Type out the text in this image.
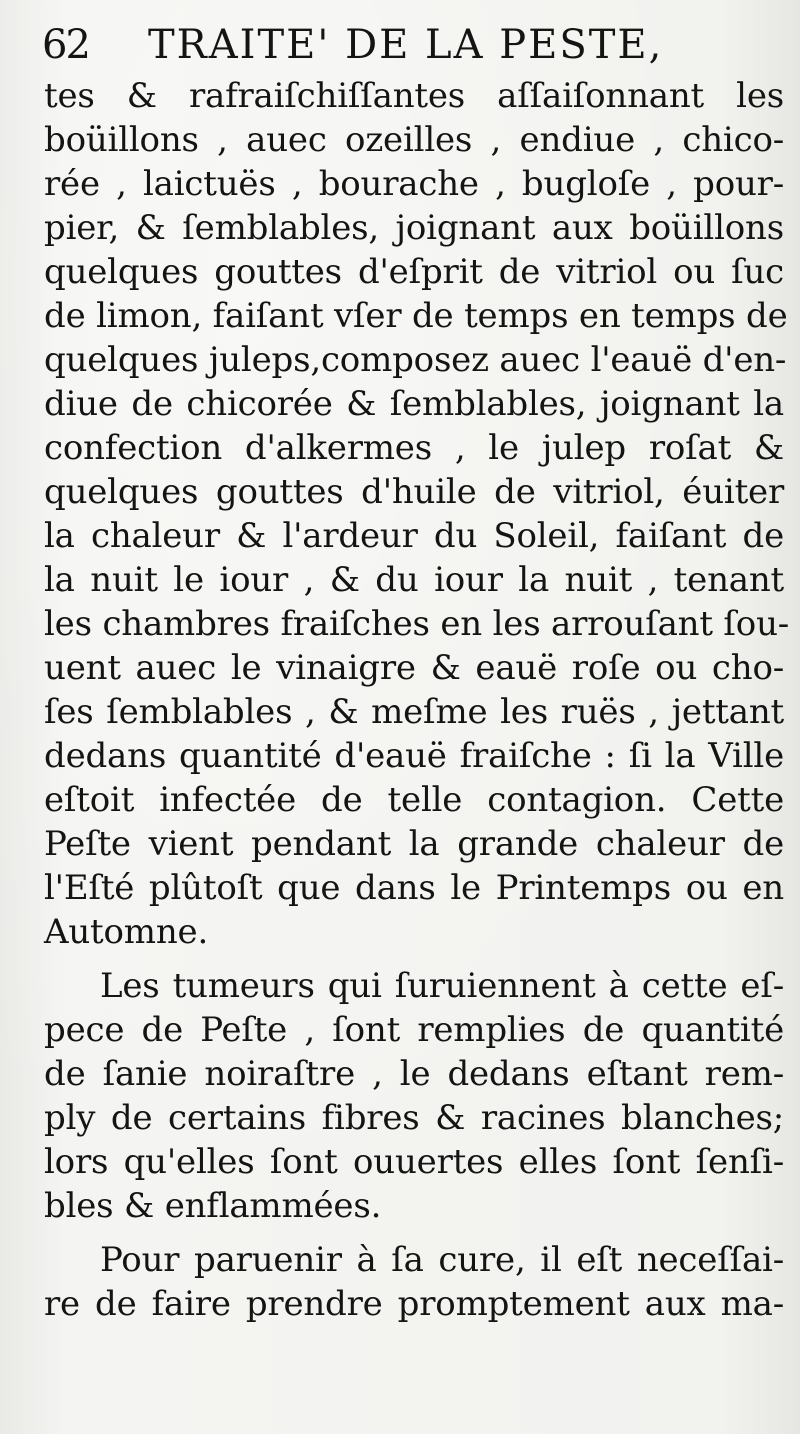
62 TRAITE' DE LA PESTE,
tes & rafraiſchiſſantes aſſaiſonnant les
boüillons , auec ozeilles , endiue , chico-
rée , laictuës , bourache , bugloſe , pour-
pier, & ſemblables, joignant aux boüillons
quelques gouttes d'eſprit de vitriol ou ſuc
de limon, faiſant vſer de temps en temps de
quelques juleps,composez auec l'eauë d'en-
diue de chicorée & ſemblables, joignant la
confection d'alkermes , le julep roſat &
quelques gouttes d'huile de vitriol, éuiter
la chaleur & l'ardeur du Soleil, faiſant de
la nuit le iour , & du iour la nuit , tenant
les chambres fraiſches en les arrouſant ſou-
uent auec le vinaigre & eauë roſe ou cho-
ſes ſemblables , & meſme les ruës , jettant
dedans quantité d'eauë fraiſche : ſi la Ville
eſtoit infectée de telle contagion. Cette
Peſte vient pendant la grande chaleur de
l'Eſté plûtoſt que dans le Printemps ou en
Automne.
Les tumeurs qui ſuruiennent à cette eſ-
pece de Peſte , ſont remplies de quantité
de ſanie noiraſtre , le dedans eſtant rem-
ply de certains fibres & racines blanches;
lors qu'elles ſont ouuertes elles ſont ſenſi-
bles & enflammées.
Pour paruenir à ſa cure, il eſt neceſſai-
re de faire prendre promptement aux ma-
